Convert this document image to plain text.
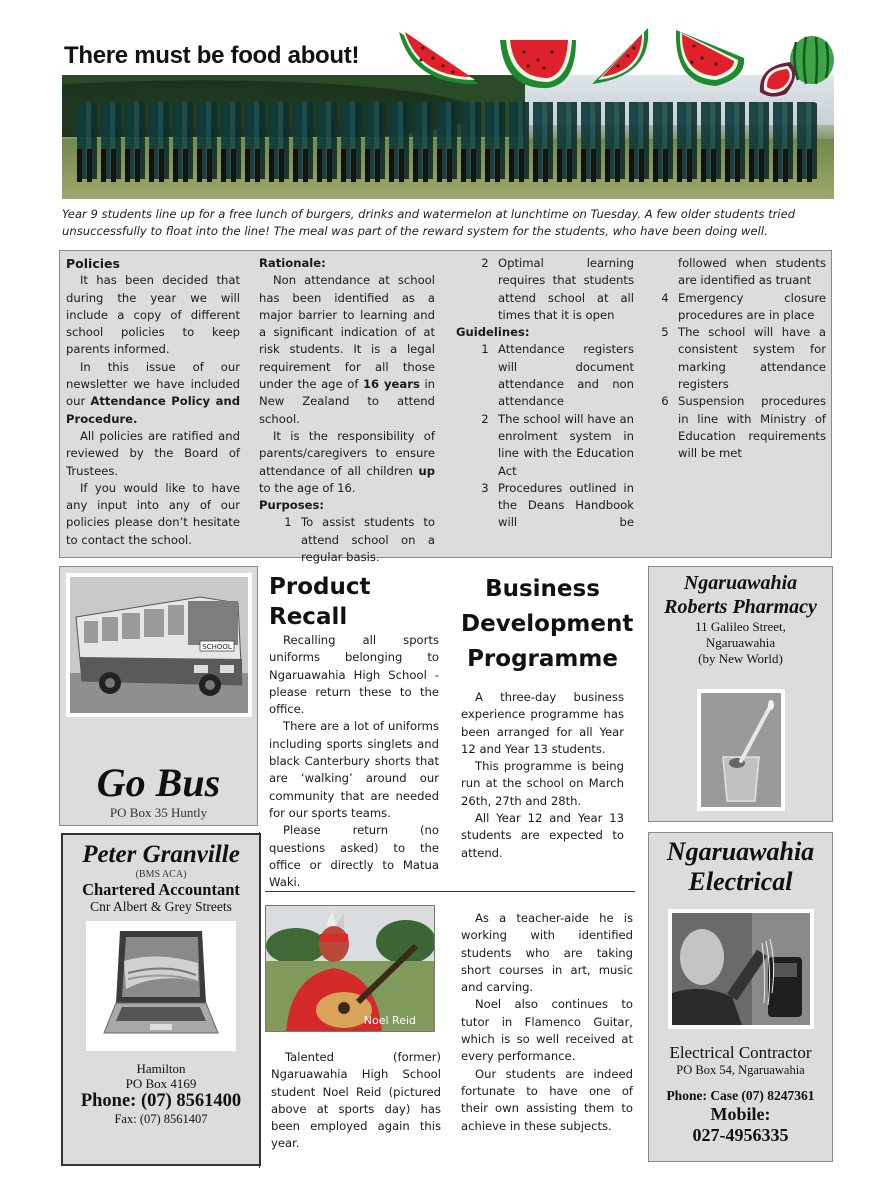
There must be food about!
Year 9 students line up for a free lunch of burgers, drinks and watermelon at lunchtime on Tuesday. A few older students tried unsuccessfully to float into the line! The meal was part of the reward system for the students, who have been doing well.
Policies

It has been decided that during the year we will include a copy of different school policies to keep parents informed.

In this issue of our newsletter we have included our Attendance Policy and Procedure.

All policies are ratified and reviewed by the Board of Trustees.

If you would like to have any input into any of our policies please don’t hesitate to contact the school.

Rationale:

Non attendance at school has been identified as a major barrier to learning and a significant indication of at risk students. It is a legal requirement for all those under the age of 16 years in New Zealand to attend school.

It is the responsibility of parents/caregivers to ensure attendance of all children up to the age of 16.

Purposes:
1 To assist students to attend school on a regular basis.
2 Optimal learning requires that students attend school at all times that it is open
Guidelines:
1 Attendance registers will document attendance and non attendance
2 The school will have an enrolment system in line with the Education Act
3 Procedures outlined in the Deans Handbook will be
followed when students are identified as truant
4 Emergency closure procedures are in place
5 The school will have a consistent system for marking attendance registers
6 Suspension procedures in line with Ministry of Education requirements will be met
SCHOOL
Go Bus
PO Box 35 Huntly
Peter Granville
(BMS ACA)
Chartered Accountant
Cnr Albert & Grey Streets
Hamilton
PO Box 4169
Phone: (07) 8561400
Fax: (07) 8561407
Product Recall

Recalling all sports uniforms belonging to Ngaruawahia High School - please return these to the office.

There are a lot of uniforms including sports singlets and black Canterbury shorts that are ‘walking’ around our community that are needed for our sports teams.

Please return (no questions asked) to the office or directly to Matua Waki.

Business
Development
Programme

A three-day business experience programme has been arranged for all Year 12 and Year 13 students.

This programme is being run at the school on March 26th, 27th and 28th.

All Year 12 and Year 13 students are expected to attend.

Noel Reid

Talented (former) Ngaruawahia High School student Noel Reid (pictured above at sports day) has been employed again this year.

As a teacher-aide he is working with identified students who are taking short courses in art, music and carving.

Noel also continues to tutor in Flamenco Guitar, which is so well received at every performance.

Our students are indeed fortunate to have one of their own assisting them to achieve in these subjects.

Ngaruawahia
Roberts Pharmacy
11 Galileo Street,
Ngaruawahia
(by New World)
Ngaruawahia
Electrical
Electrical Contractor
PO Box 54, Ngaruawahia
Phone: Case (07) 8247361
Mobile:
027-4956335
